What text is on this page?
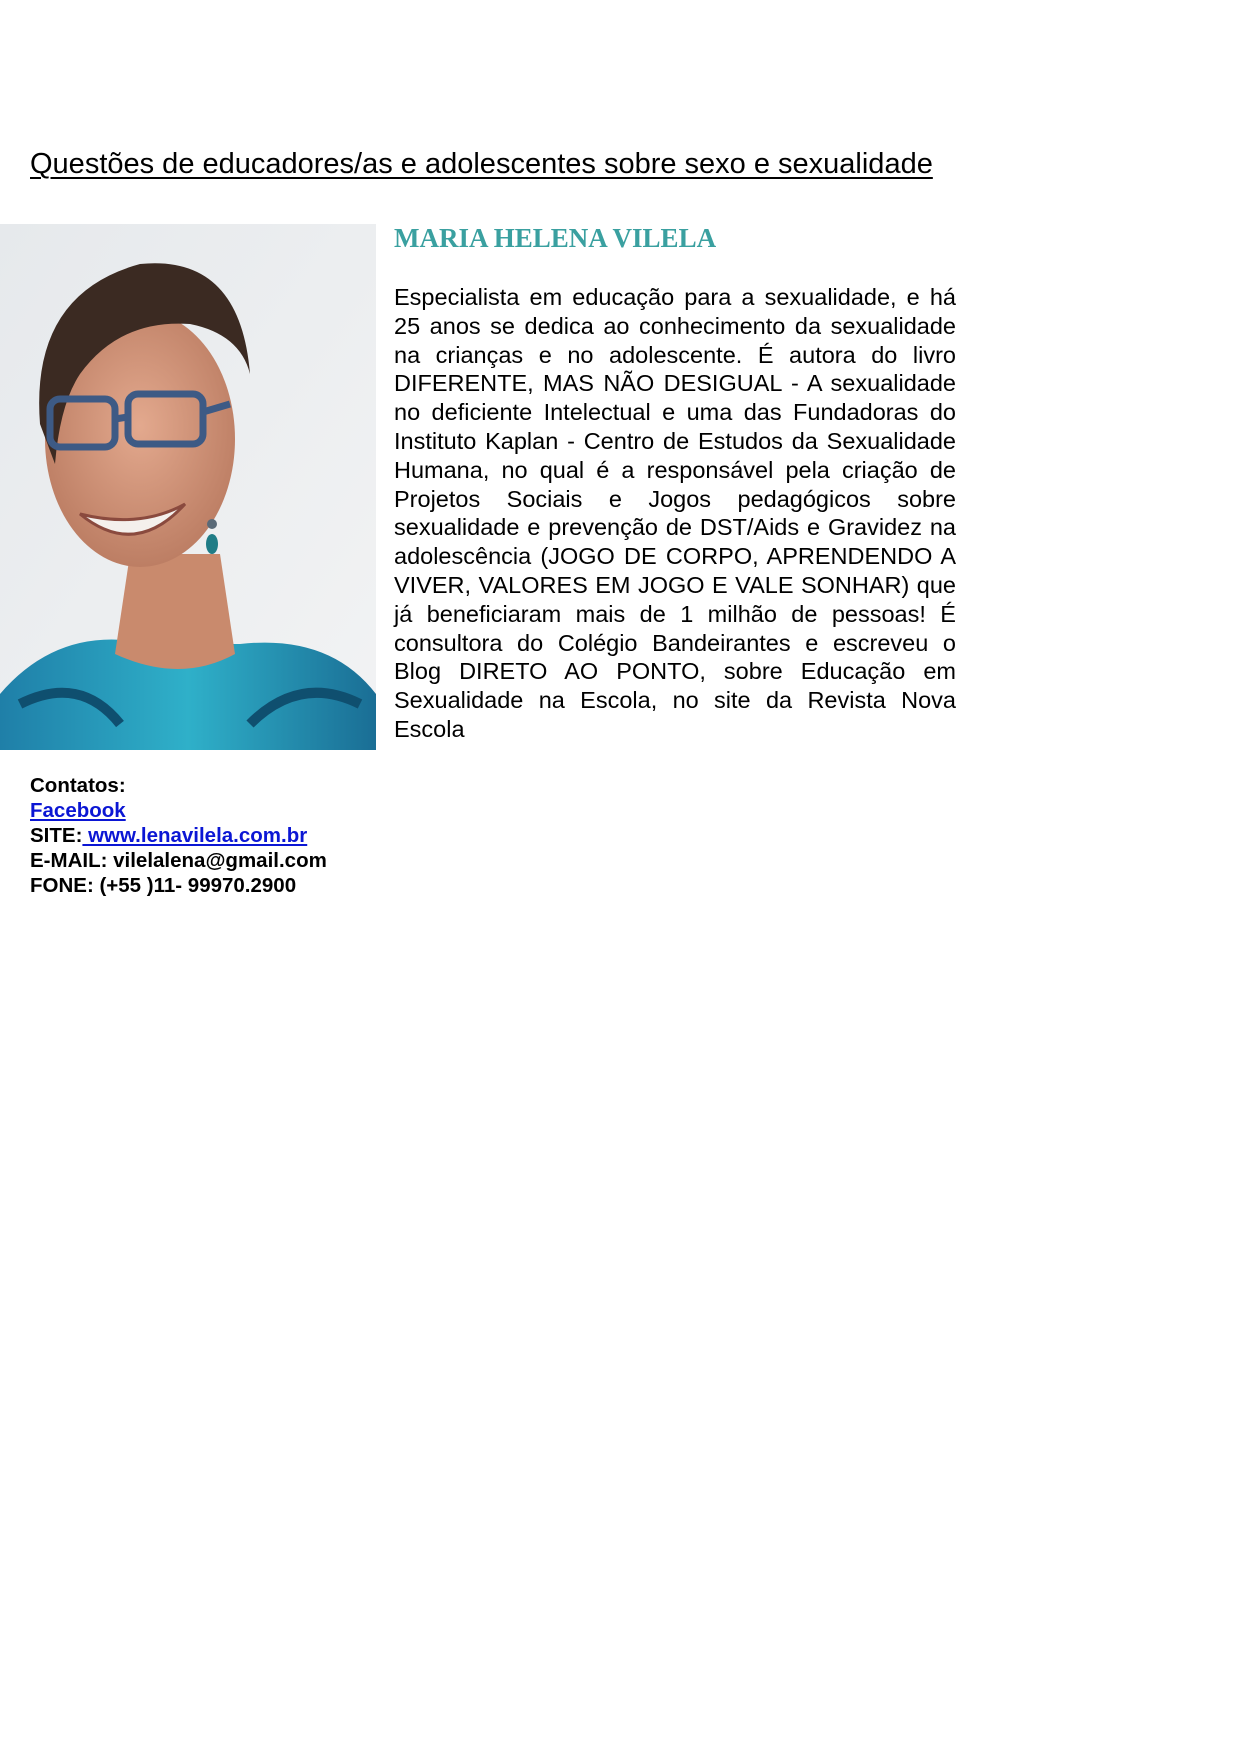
Questões de educadores/as e adolescentes sobre sexo e sexualidade
Contatos:
Facebook
SITE: www.lenavilela.com.br
E-MAIL: vilelalena@gmail.com
FONE: (+55 )11- 99970.2900
MARIA HELENA VILELA

Especialista em educação para a sexualidade, e há 25 anos se dedica ao conhecimento da sexualidade na crianças e no adolescente. É autora do livro DIFERENTE, MAS NÃO DESIGUAL - A sexualidade no deficiente Intelectual e uma das Fundadoras do Instituto Kaplan - Centro de Estudos da Sexualidade Humana, no qual é a responsável pela criação de Projetos Sociais e Jogos pedagógicos sobre sexualidade e prevenção de DST/Aids e Gravidez na adolescência (JOGO DE CORPO, APRENDENDO A VIVER, VALORES EM JOGO E VALE SONHAR) que já beneficiaram mais de 1 milhão de pessoas! É consultora do Colégio Bandeirantes e escreveu o Blog DIRETO AO PONTO, sobre Educação em Sexualidade na Escola, no site da Revista Nova Escola
